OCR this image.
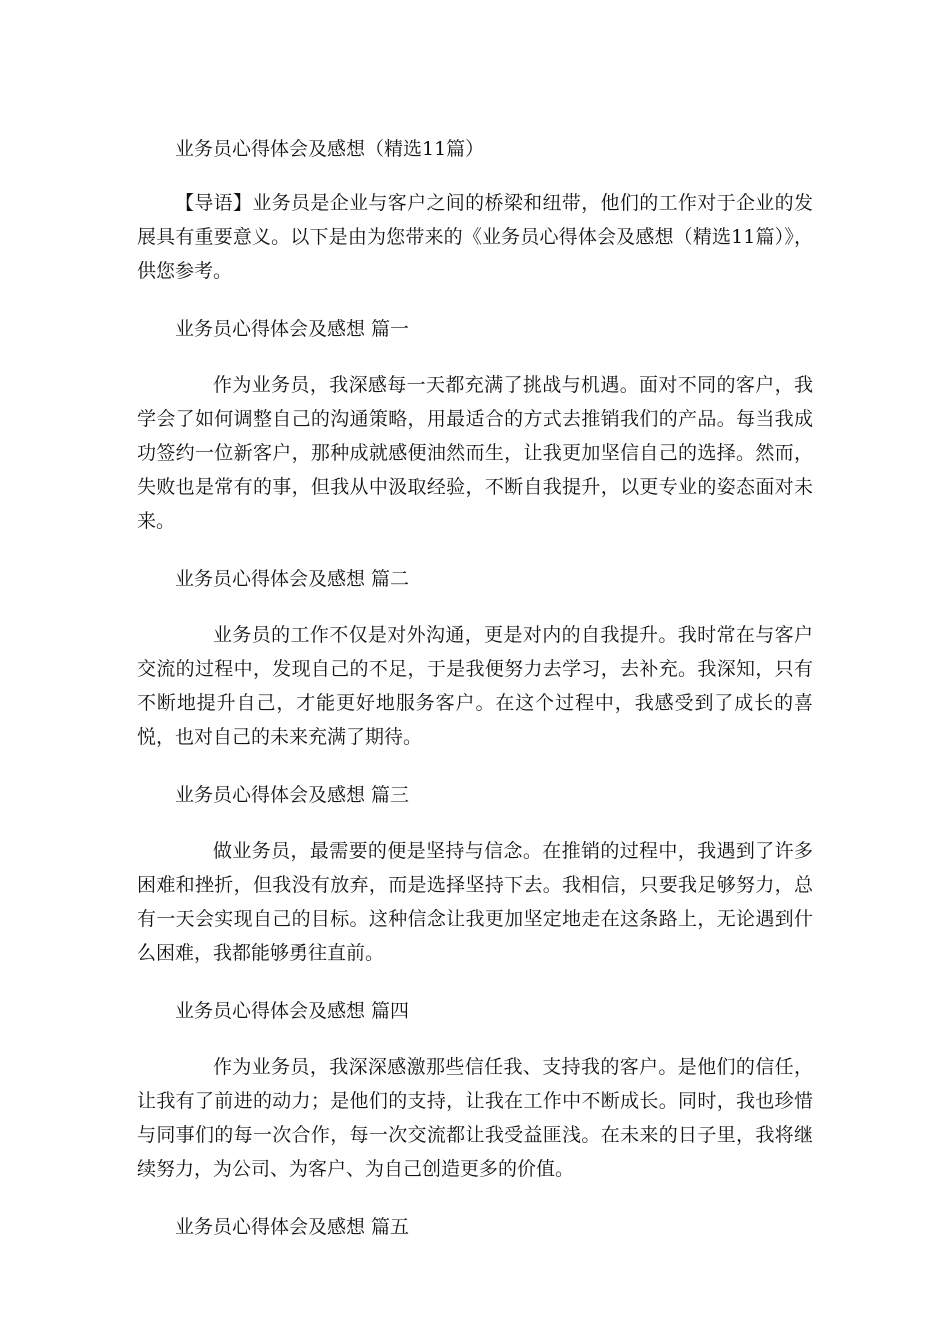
业务员心得体会及感想（精选11篇）

【导语】业务员是企业与客户之间的桥梁和纽带，他们的工作对于企业的发展具有重要意义。以下是由为您带来的《业务员心得体会及感想（精选11篇）》，供您参考。

业务员心得体会及感想 篇一

作为业务员，我深感每一天都充满了挑战与机遇。面对不同的客户，我学会了如何调整自己的沟通策略，用最适合的方式去推销我们的产品。每当我成功签约一位新客户，那种成就感便油然而生，让我更加坚信自己的选择。然而，失败也是常有的事，但我从中汲取经验，不断自我提升，以更专业的姿态面对未来。

业务员心得体会及感想 篇二

业务员的工作不仅是对外沟通，更是对内的自我提升。我时常在与客户交流的过程中，发现自己的不足，于是我便努力去学习，去补充。我深知，只有不断地提升自己，才能更好地服务客户。在这个过程中，我感受到了成长的喜悦，也对自己的未来充满了期待。

业务员心得体会及感想 篇三

做业务员，最需要的便是坚持与信念。在推销的过程中，我遇到了许多困难和挫折，但我没有放弃，而是选择坚持下去。我相信，只要我足够努力，总有一天会实现自己的目标。这种信念让我更加坚定地走在这条路上，无论遇到什么困难，我都能够勇往直前。

业务员心得体会及感想 篇四

作为业务员，我深深感激那些信任我、支持我的客户。是他们的信任，让我有了前进的动力；是他们的支持，让我在工作中不断成长。同时，我也珍惜与同事们的每一次合作，每一次交流都让我受益匪浅。在未来的日子里，我将继续努力，为公司、为客户、为自己创造更多的价值。

业务员心得体会及感想 篇五
